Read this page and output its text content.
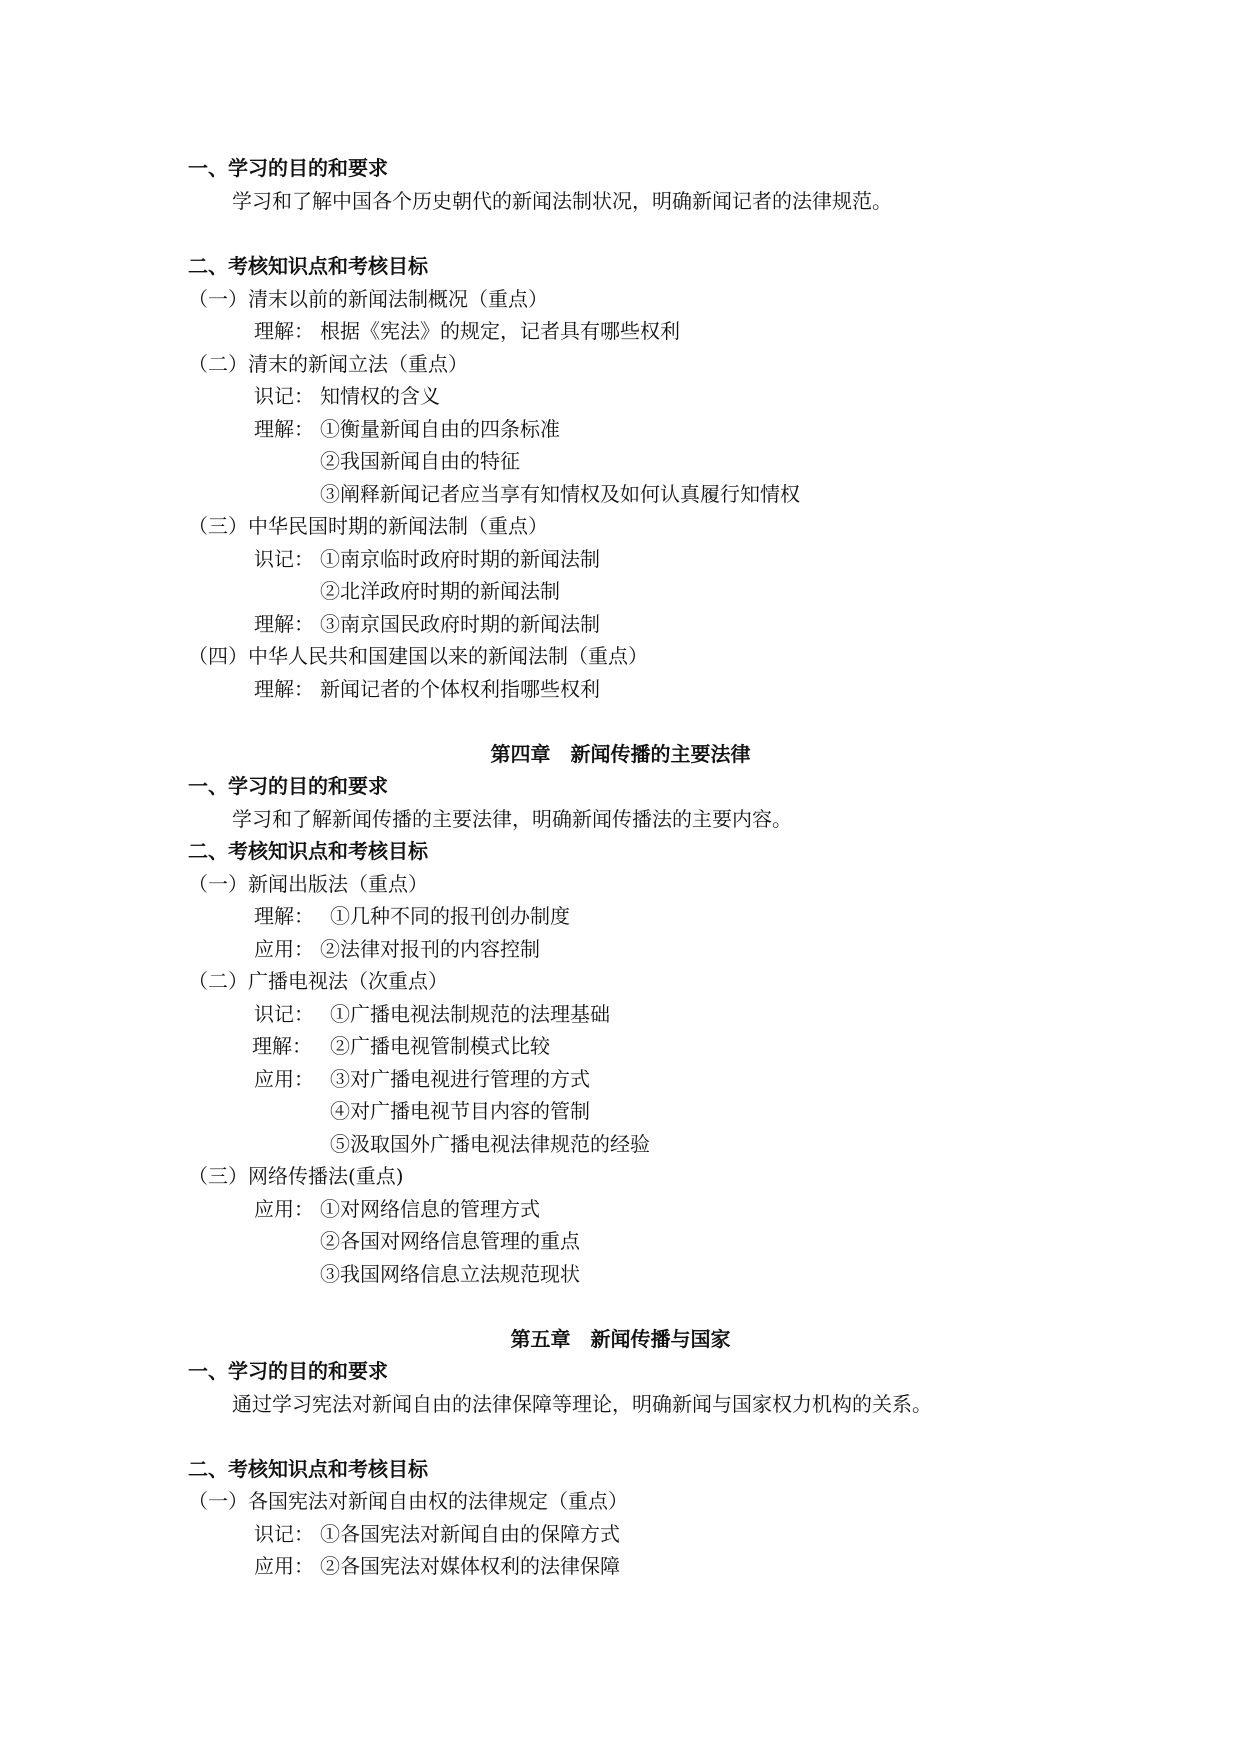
一、学习的目的和要求
学习和了解中国各个历史朝代的新闻法制状况，明确新闻记者的法律规范。
二、考核知识点和考核目标
（一）清末以前的新闻法制概况（重点）
理解： 根据《宪法》的规定，记者具有哪些权利
（二）清末的新闻立法（重点）
识记： 知情权的含义
理解： ①衡量新闻自由的四条标准
②我国新闻自由的特征
③阐释新闻记者应当享有知情权及如何认真履行知情权
（三）中华民国时期的新闻法制（重点）
识记： ①南京临时政府时期的新闻法制
②北洋政府时期的新闻法制
理解： ③南京国民政府时期的新闻法制
（四）中华人民共和国建国以来的新闻法制（重点）
理解： 新闻记者的个体权利指哪些权利
第四章　新闻传播的主要法律
一、学习的目的和要求
学习和了解新闻传播的主要法律，明确新闻传播法的主要内容。
二、考核知识点和考核目标
（一）新闻出版法（重点）
理解： ①几种不同的报刊创办制度
应用： ②法律对报刊的内容控制
（二）广播电视法（次重点）
识记： ①广播电视法制规范的法理基础
理解： ②广播电视管制模式比较
应用： ③对广播电视进行管理的方式
④对广播电视节目内容的管制
⑤汲取国外广播电视法律规范的经验
（三）网络传播法(重点)
应用： ①对网络信息的管理方式
②各国对网络信息管理的重点
③我国网络信息立法规范现状
第五章　新闻传播与国家
一、学习的目的和要求
通过学习宪法对新闻自由的法律保障等理论，明确新闻与国家权力机构的关系。
二、考核知识点和考核目标
（一）各国宪法对新闻自由权的法律规定（重点）
识记： ①各国宪法对新闻自由的保障方式
应用： ②各国宪法对媒体权利的法律保障
